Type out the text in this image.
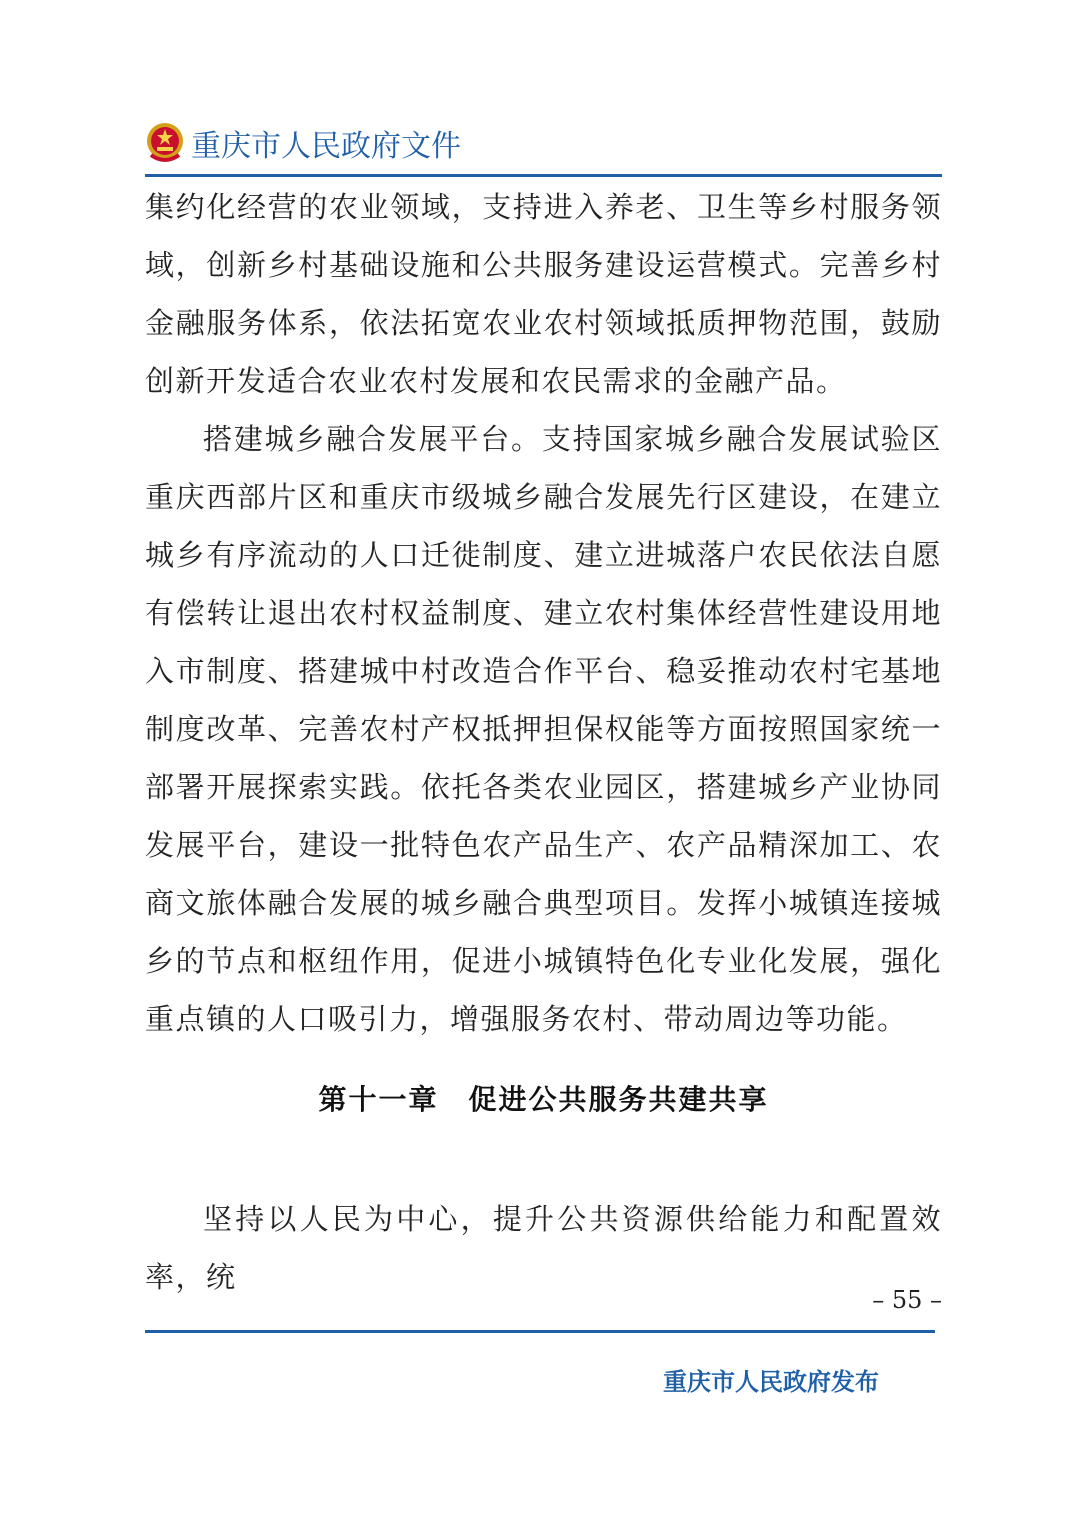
重庆市人民政府文件

集约化经营的农业领域，支持进入养老、卫生等乡村服务领域，创新乡村基础设施和公共服务建设运营模式。完善乡村金融服务体系，依法拓宽农业农村领域抵质押物范围，鼓励创新开发适合农业农村发展和农民需求的金融产品。

搭建城乡融合发展平台。支持国家城乡融合发展试验区重庆西部片区和重庆市级城乡融合发展先行区建设，在建立城乡有序流动的人口迁徙制度、建立进城落户农民依法自愿有偿转让退出农村权益制度、建立农村集体经营性建设用地入市制度、搭建城中村改造合作平台、稳妥推动农村宅基地制度改革、完善农村产权抵押担保权能等方面按照国家统一部署开展探索实践。依托各类农业园区，搭建城乡产业协同发展平台，建设一批特色农产品生产、农产品精深加工、农商文旅体融合发展的城乡融合典型项目。发挥小城镇连接城乡的节点和枢纽作用，促进小城镇特色化专业化发展，强化重点镇的人口吸引力，增强服务农村、带动周边等功能。

第十一章 促进公共服务共建共享

坚持以人民为中心，提升公共资源供给能力和配置效率，统

– 55 –
重庆市人民政府发布
